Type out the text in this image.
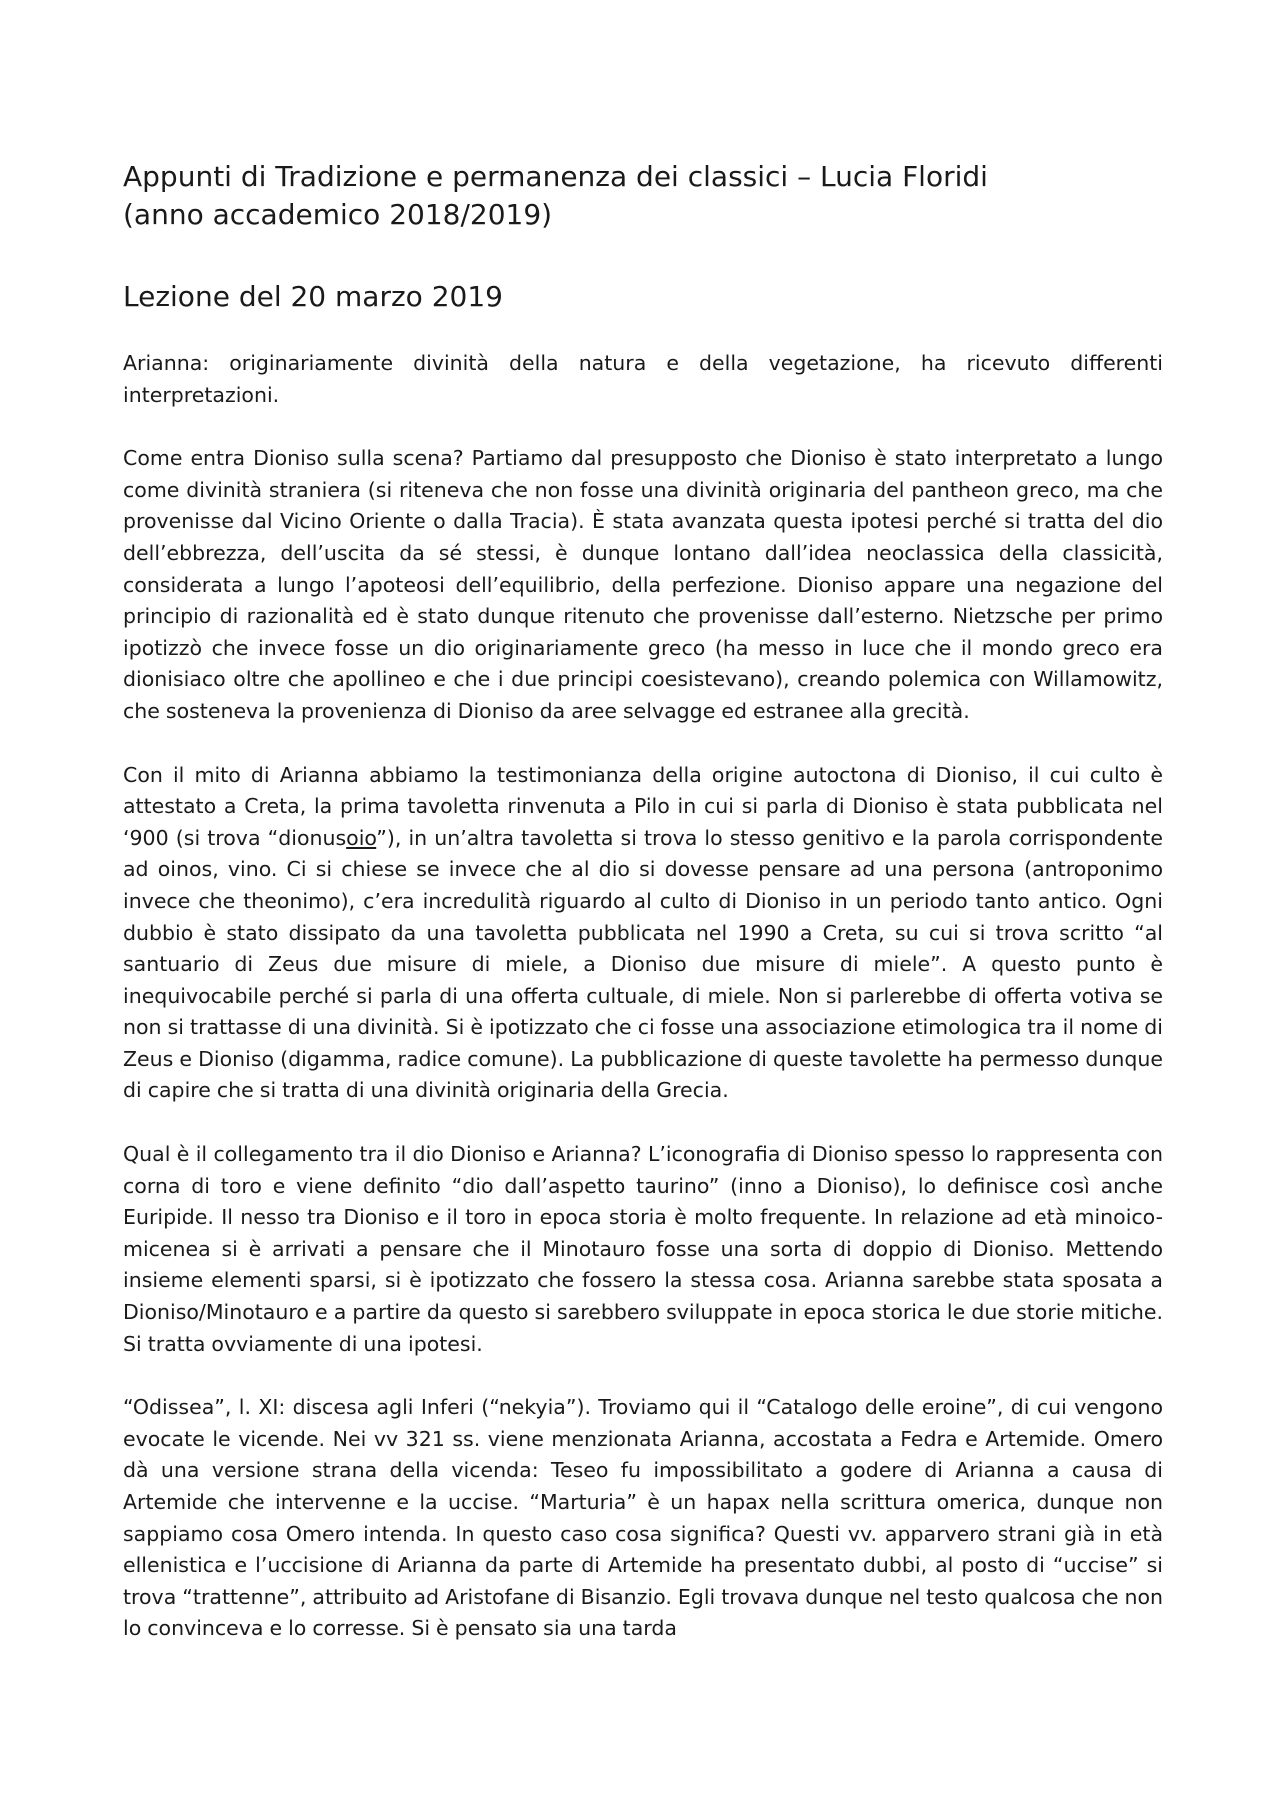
Appunti di Tradizione e permanenza dei classici – Lucia Floridi
(anno accademico 2018/2019)

Lezione del 20 marzo 2019

Arianna: originariamente divinità della natura e della vegetazione, ha ricevuto differenti interpretazioni.

Come entra Dioniso sulla scena? Partiamo dal presupposto che Dioniso è stato interpretato a lungo come divinità straniera (si riteneva che non fosse una divinità originaria del pantheon greco, ma che provenisse dal Vicino Oriente o dalla Tracia). È stata avanzata questa ipotesi perché si tratta del dio dell’ebbrezza, dell’uscita da sé stessi, è dunque lontano dall’idea neoclassica della classicità, considerata a lungo l’apoteosi dell’equilibrio, della perfezione. Dioniso appare una negazione del principio di razionalità ed è stato dunque ritenuto che provenisse dall’esterno. Nietzsche per primo ipotizzò che invece fosse un dio originariamente greco (ha messo in luce che il mondo greco era dionisiaco oltre che apollineo e che i due principi coesistevano), creando polemica con Willamowitz, che sosteneva la provenienza di Dioniso da aree selvagge ed estranee alla grecità.

Con il mito di Arianna abbiamo la testimonianza della origine autoctona di Dioniso, il cui culto è attestato a Creta, la prima tavoletta rinvenuta a Pilo in cui si parla di Dioniso è stata pubblicata nel ‘900 (si trova “dionusoio”), in un’altra tavoletta si trova lo stesso genitivo e la parola corrispondente ad oinos, vino. Ci si chiese se invece che al dio si dovesse pensare ad una persona (antroponimo invece che theonimo), c’era incredulità riguardo al culto di Dioniso in un periodo tanto antico. Ogni dubbio è stato dissipato da una tavoletta pubblicata nel 1990 a Creta, su cui si trova scritto “al santuario di Zeus due misure di miele, a Dioniso due misure di miele”. A questo punto è inequivocabile perché si parla di una offerta cultuale, di miele. Non si parlerebbe di offerta votiva se non si trattasse di una divinità. Si è ipotizzato che ci fosse una associazione etimologica tra il nome di Zeus e Dioniso (digamma, radice comune). La pubblicazione di queste tavolette ha permesso dunque di capire che si tratta di una divinità originaria della Grecia.

Qual è il collegamento tra il dio Dioniso e Arianna? L’iconografia di Dioniso spesso lo rappresenta con corna di toro e viene definito “dio dall’aspetto taurino” (inno a Dioniso), lo definisce così anche Euripide. Il nesso tra Dioniso e il toro in epoca storia è molto frequente. In relazione ad età minoico-micenea si è arrivati a pensare che il Minotauro fosse una sorta di doppio di Dioniso. Mettendo insieme elementi sparsi, si è ipotizzato che fossero la stessa cosa. Arianna sarebbe stata sposata a Dioniso/Minotauro e a partire da questo si sarebbero sviluppate in epoca storica le due storie mitiche. Si tratta ovviamente di una ipotesi.

“Odissea”, l. XI: discesa agli Inferi (“nekyia”). Troviamo qui il “Catalogo delle eroine”, di cui vengono evocate le vicende. Nei vv 321 ss. viene menzionata Arianna, accostata a Fedra e Artemide. Omero dà una versione strana della vicenda: Teseo fu impossibilitato a godere di Arianna a causa di Artemide che intervenne e la uccise. “Marturia” è un hapax nella scrittura omerica, dunque non sappiamo cosa Omero intenda. In questo caso cosa significa? Questi vv. apparvero strani già in età ellenistica e l’uccisione di Arianna da parte di Artemide ha presentato dubbi, al posto di “uccise” si trova “trattenne”, attribuito ad Aristofane di Bisanzio. Egli trovava dunque nel testo qualcosa che non lo convinceva e lo corresse. Si è pensato sia una tarda
